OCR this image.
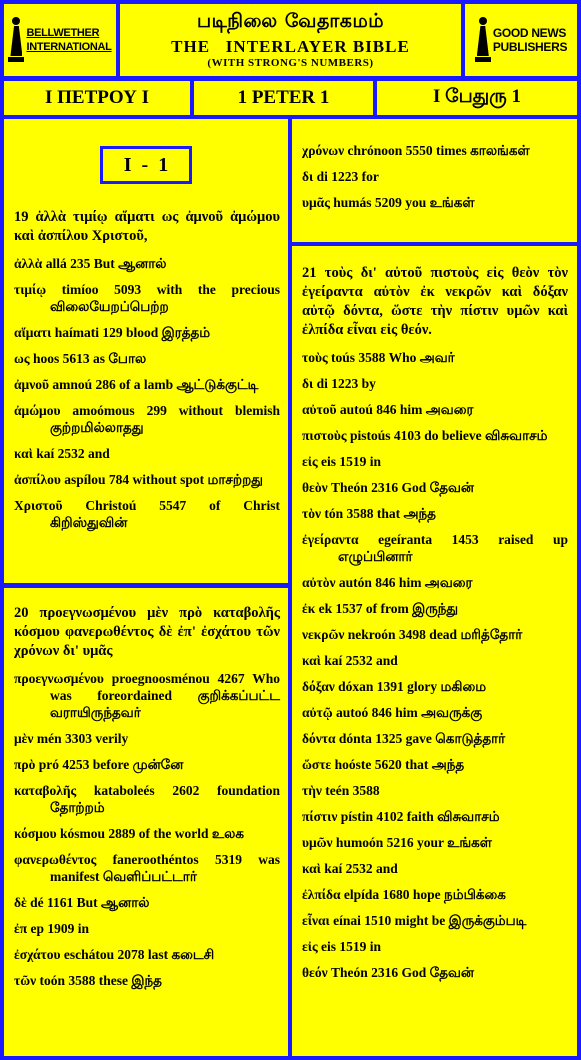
BELLWETHER
INTERNATIONAL
படிநிலை வேதாகமம்
THE   INTERLAYER BIBLE
(WITH STRONG'S NUMBERS)
GOOD NEWS
PUBLISHERS
Ι ΠΕΤΡΟΥ Ι	1 PETER 1	I பேதுரு 1
I  -  1
19 ἀλλὰ τιμίῳ αἵματι ως ἀμνοῦ ἀμώμου καὶ ἀσπίλου Χριστοῦ,
ἀλλὰ allá 235 But ஆனால்
τιμίῳ timíoo 5093 with the precious விலையேறப்பெற்ற
αἵματι haímati 129 blood இரத்தம்
ως hoos 5613 as போல
ἀμνοῦ amnoú 286 of a lamb ஆட்டுக்குட்டி
ἀμώμου amoómous 299 without blemish குற்றமில்லாதது
καὶ kaí 2532 and
ἀσπίλου aspílou 784 without spot மாசற்றது
Χριστοῦ Christoú 5547 of Christ கிறிஸ்துவின்
20 προεγνωσμένου μὲν πρὸ καταβολῆς κόσμου φανερωθέντος δὲ ἐπ' ἐσχάτου τῶν χρόνων δι' υμᾶς
προεγνωσμένου proegnoosménou 4267 Who was foreordained குறிக்கப்பட்ட வராயிருந்தவர்
μὲν mén 3303 verily
πρὸ pró 4253 before முன்னே
καταβολῆς katabolеés 2602 foundation தோற்றம்
κόσμου kósmou 2889 of the world உலக
φανερωθέντος faneroothéntos 5319 was manifest வெளிப்பட்டார்
δὲ dé 1161 But ஆனால்
ἐπ ep 1909 in
ἐσχάτου eschátou 2078 last கடைசி
τῶν toón 3588 these இந்த
χρόνων chrónoon 5550 times காலங்கள்
δι di 1223 for
υμᾶς humás 5209 you உங்கள்
21 τοὺς δι' αὐτοῦ πιστοὺς εἰς θεὸν τὸν ἐγείραντα αὐτὸν ἐκ νεκρῶν καὶ δόξαν αὐτῷ δόντα, ὥστε τὴν πίστιν υμῶν καὶ ἐλπίδα εἶναι εἰς θεόν.
τοὺς toús 3588 Who அவர்
δι di 1223 by
αὐτοῦ autoú 846 him அவரை
πιστοὺς pistoús 4103 do believe விசுவாசம்
εἰς eis 1519 in
θεὸν Theón 2316 God தேவன்
τὸν tón 3588 that அந்த
ἐγείραντα egeíranta 1453 raised up எழுப்பினார்
αὐτὸν autón 846 him அவரை
ἐκ ek 1537 of from இருந்து
νεκρῶν nekroón 3498 dead மரித்தோர்
καὶ kaí 2532 and
δόξαν dóxan 1391 glory மகிமை
αὐτῷ autoó 846 him அவருக்கு
δόντα dónta 1325 gave கொடுத்தார்
ὥστε hoóste 5620 that அந்த
τὴν teén 3588
πίστιν pístin 4102 faith விசுவாசம்
υμῶν humoón 5216 your உங்கள்
καὶ kaí 2532 and
ἐλπίδα elpída 1680 hope நம்பிக்கை
εἶναι eínai 1510 might be இருக்கும்படி
εἰς eis 1519 in
θεόν Theón 2316 God தேவன்
